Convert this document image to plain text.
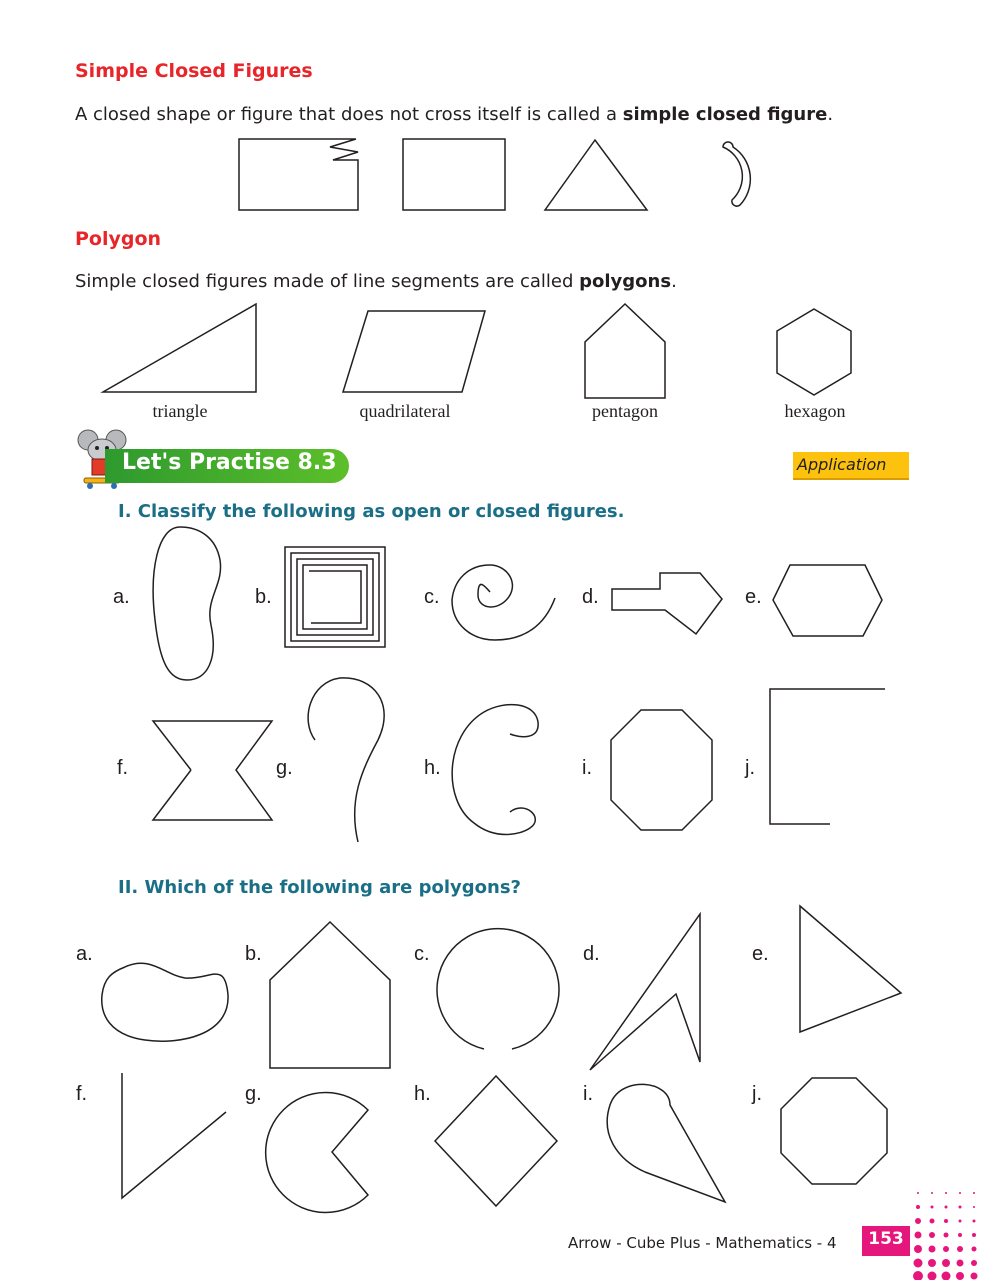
Simple Closed Figures
A closed shape or figure that does not cross itself is called a simple closed figure.
Polygon
Simple closed figures made of line segments are called polygons.
triangle	quadrilateral	pentagon	hexagon
Let's Practise 8.3	Application
I. Classify the following as open or closed figures.
a.	b.	c.	d.	e.
f.	g.	h.	i.	j.
II. Which of the following are polygons?
a.	b.	c.	d.	e.
f.	g.	h.	i.	j.
Arrow - Cube Plus - Mathematics - 4	153
